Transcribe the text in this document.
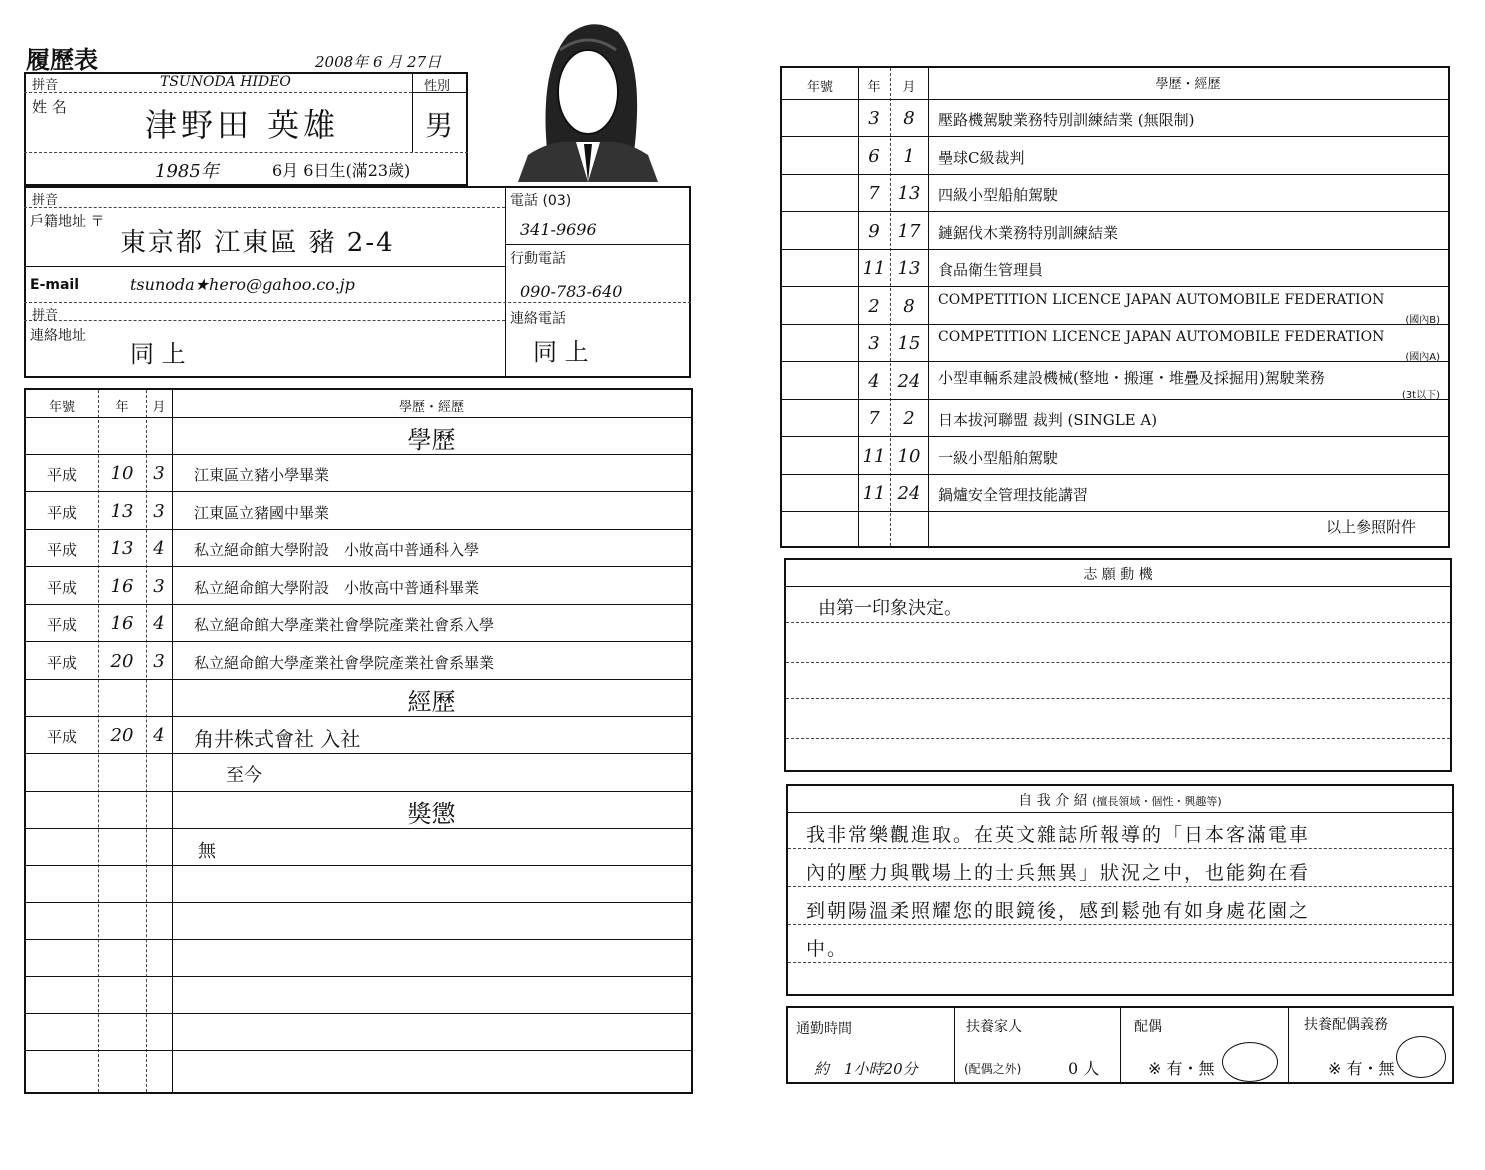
履歷表	2008年 6 月 27日
拼音	TSUNODA HIDEO	性別
姓 名 津野田 英雄	男
1985年	6月 6日生(滿23歲)
拼音
戶籍地址 〒
東京都 江東區 豬 2-4
電話 (03)
341-9696
行動電話
090-783-640
E-mail	tsunoda★hero@gahoo.co.jp
拼音
連絡地址
同 上
連絡電話
同 上
年號	年	月	學歷・經歷
學歷
平成	10	3	江東區立豬小學畢業
平成	13	3	江東區立豬國中畢業
平成	13	4	私立絕命館大學附設　小妝高中普通科入學
平成	16	3	私立絕命館大學附設　小妝高中普通科畢業
平成	16	4	私立絕命館大學產業社會學院產業社會系入學
平成	20	3	私立絕命館大學產業社會學院產業社會系畢業
經歷
平成	20	4	角井株式會社 入社
至今
獎懲
無
年號	年	月	學歷・經歷
3	8	壓路機駕駛業務特別訓練結業 (無限制)
6	1	壘球C級裁判
7 13	四級小型船舶駕駛
9 17	鏈鋸伐木業務特別訓練結業
11 13	食品衛生管理員
2	8	COMPETITION LICENCE JAPAN AUTOMOBILE FEDERATION
(國內B)
3 15	COMPETITION LICENCE JAPAN AUTOMOBILE FEDERATION
(國內A)
4 24	小型車輛系建設機械(整地・搬運・堆疊及採掘用)駕駛業務
(3t以下)
7	2	日本拔河聯盟 裁判 (SINGLE A)
11 10	一級小型船舶駕駛
11 24	鍋爐安全管理技能講習
以上參照附件
志 願 動 機
由第一印象決定。
自 我 介 紹 (擅長領域・個性・興趣等)
我非常樂觀進取。在英文雜誌所報導的「日本客滿電車
內的壓力與戰場上的士兵無異」狀況之中，也能夠在看
到朝陽溫柔照耀您的眼鏡後，感到鬆弛有如身處花園之
中。
通勤時間
約　1小時20分
扶養家人
(配偶之外)	0 人
配偶
※ 有・無
扶養配偶義務
※ 有・無
